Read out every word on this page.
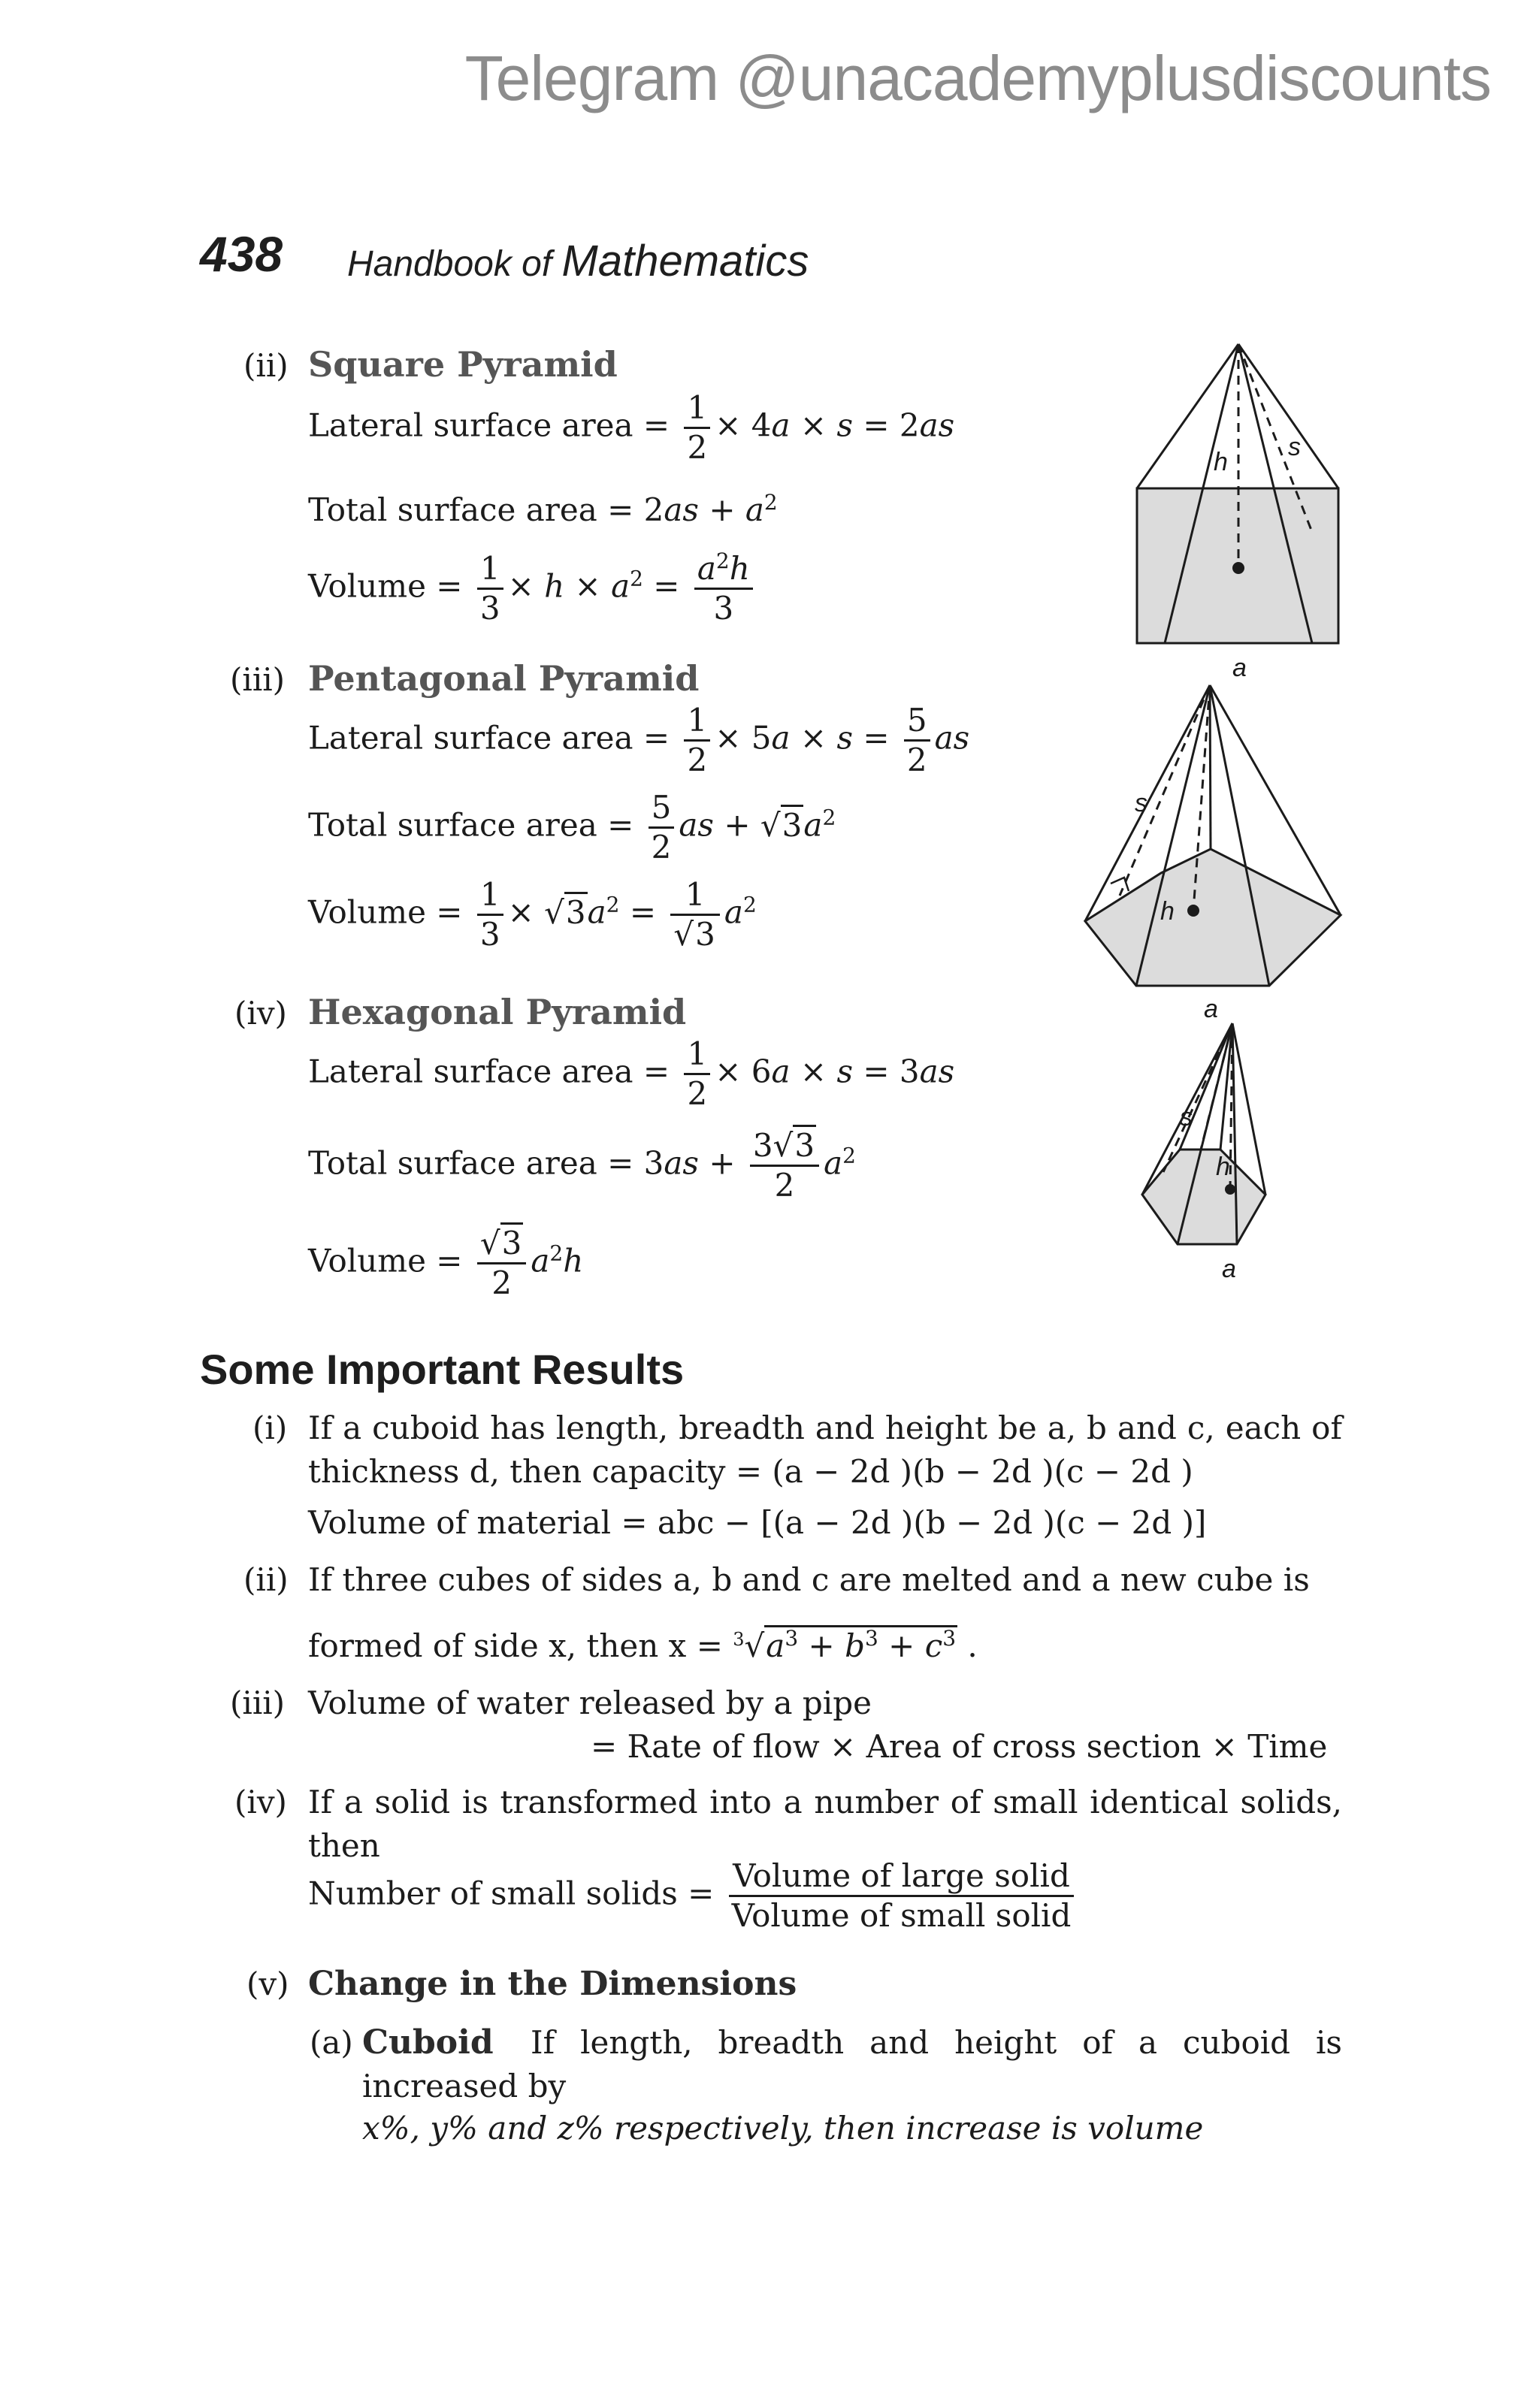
Telegram @unacademyplusdiscounts
438 Handbook of Mathematics
(ii) Square Pyramid
Lateral surface area = $\frac{1}{2} \times 4a \times s = 2as$
Total surface area = $2as + a^2$
Volume = $\frac{1}{3} \times h \times a^2 = \frac{a^2h}{3}$
(iii) Pentagonal Pyramid
Lateral surface area = $\frac{1}{2} \times 5a \times s = \frac{5}{2}$ as
Total surface area = $\frac{5}{2}$ as + $√3a^2$
Volume = $\frac{1}{3} \times √3a^2 = \frac{1}{√3} a^2$
(iv) Hexagonal Pyramid
Lateral surface area = $\frac{1}{2} \times 6a \times s = 3as$
Total surface area = $3as + \frac{3√3}{2} a^2$
Volume = $\frac{√3}{2} a^2h$
h
s
a
s
h
a
h
s
a
Some Important Results
(i) If a cuboid has length, breadth and height be a, b and c, each of thickness d, then capacity = (a − 2d )(b − 2d )(c − 2d )
Volume of material = abc − [(a − 2d )(b − 2d )(c − 2d )]
(ii) If three cubes of sides a, b and c are melted and a new cube is
formed of side x, then $x = ^3√a^3 + b^3 + c^3$ .
(iii) Volume of water released by a pipe
= Rate of flow × Area of cross section × Time
(iv) If a solid is transformed into a number of small identical solids, then
Number of small solids = $\frac{\text{Volume of large solid}}{\text{Volume of small solid}}$
(v) Change in the Dimensions
(a) Cuboid	If length, breadth and height of a cuboid is increased by
x%, y% and z% respectively, then increase is volume
